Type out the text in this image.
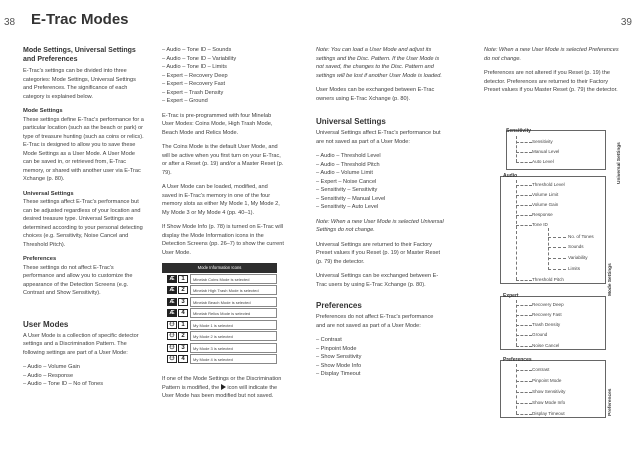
38 E-Trac Modes	39
Mode Settings, Universal Settings and Preferences

E-Trac's settings can be divided into three categories: Mode Settings, Universal Settings and Preferences. The significance of each category is explained below.

Mode Settings

These settings define E-Trac's performance for a particular location (such as the beach or park) or type of treasure hunting (such as coins or relics). E-Trac is designed to allow you to save these Mode Settings as a User Mode. A User Mode can be saved in, or retrieved from, E-Trac memory, or shared with another user via E-Trac Xchange (p. 80).

Universal Settings

These settings affect E-Trac's performance but can be adjusted regardless of your location and desired treasure type. Universal Settings are determined according to your personal detecting choices (e.g. Sensitivity, Noise Cancel and Threshold Pitch).

Preferences

These settings do not affect E-Trac's performance and allow you to customize the appearance of the Detection Screens (e.g. Contrast and Show Sensitivity).

User Modes

A User Mode is a collection of specific detector settings and a Discrimination Pattern. The following settings are part of a User Mode:

– Audio – Volume Gain
– Audio – Response
– Audio – Tone ID – No of Tones
– Audio – Tone ID – Sounds
– Audio – Tone ID – Variability
– Audio – Tone ID – Limits
– Expert – Recovery Deep
– Expert – Recovery Fast
– Expert – Trash Density
– Expert – Ground

E-Trac is pre-programmed with four Minelab User Modes: Coins Mode, High Trash Mode, Beach Mode and Relics Mode.

The Coins Mode is the default User Mode, and will be active when you first turn on your E-Trac, or after a Reset (p. 19) and/or a Master Reset (p. 79).

A User Mode can be loaded, modified, and saved in E-Trac's memory in one of the four memory slots as either My Mode 1, My Mode 2, My Mode 3 or My Mode 4 (pp. 40–1).

If Show Mode Info (p. 78) is turned on E-Trac will display the Mode Information icons in the Detection Screens (pp. 26–7) to show the current User Mode.

Mode Information Icons
Æ	1	Minelab Coins Mode is selected
Æ	2	Minelab High Trash Mode is selected
Æ	3	Minelab Beach Mode is selected
Æ	4	Minelab Relics Mode is selected
⚇	1	My Mode 1 is selected
⚇	2	My Mode 2 is selected
⚇	3	My Mode 3 is selected
⚇	4	My Mode 4 is selected

If one of the Mode Settings or the Discrimination Pattern is modified, the icon will indicate the User Mode has been modified but not saved.

Note: You can load a User Mode and adjust its settings and the Disc. Pattern. If the User Mode is not saved, the changes to the Disc. Pattern and settings will be lost if another User Mode is loaded.

User Modes can be exchanged between E-Trac owners using E-Trac Xchange (p. 80).

Universal Settings

Universal Settings affect E-Trac's performance but are not saved as part of a User Mode:

– Audio – Threshold Level
– Audio – Threshold Pitch
– Audio – Volume Limit
– Expert – Noise Cancel
– Sensitivity – Sensitivity
– Sensitivity – Manual Level
– Sensitivity – Auto Level

Note: When a new User Mode is selected Universal Settings do not change.

Universal Settings are returned to their Factory Preset values if you Reset (p. 19) or Master Reset (p. 79) the detector.

Universal Settings can be exchanged between E-Trac users by using E-Trac Xchange (p. 80).

Preferences

Preferences do not affect E-Trac's performance and are not saved as part of a User Mode:

– Contrast
– Pinpoint Mode
– Show Sensitivity
– Show Mode Info
– Display Timeout

Note: When a new User Mode is selected Preferences do not change.

Preferences are not altered if you Reset (p. 19) the detector. Preferences are returned to their Factory Preset values if you Master Reset (p. 79) the detector.

Sensitivity
Sensitivity
Manual Level
Auto Level	Universal Settings
Audio
Threshold Level
Volume Limit
Volume Gain
Response
Tone ID
No. of Tones
Sounds
Variability
Limits
Threshold Pitch	Mode Settings
Expert
Recovery Deep
Recovery Fast
Trash Density
Ground
Noise Cancel
Preferences
Contrast
Pinpoint Mode
Show Sensitivity
Show Mode Info
Display Timeout	Preferences
